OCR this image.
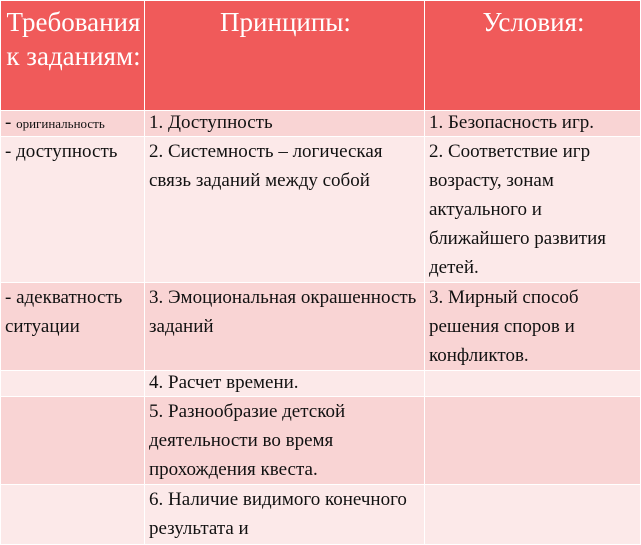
Требования к заданиям:	Принципы:	Условия:
- оригинальность	1. Доступность	1. Безопасность игр.
- доступность	2. Системность – логическая связь заданий между собой	2. Соответствие игр возрасту, зонам актуального и ближайшего развития детей.
- адекватность ситуации	3. Эмоциональная окрашенность заданий	3. Мирный способ решения споров и конфликтов.
	4. Расчет времени.	
	5. Разнообразие детской деятельности во время прохождения квеста.	
	6. Наличие видимого конечного результата и	
